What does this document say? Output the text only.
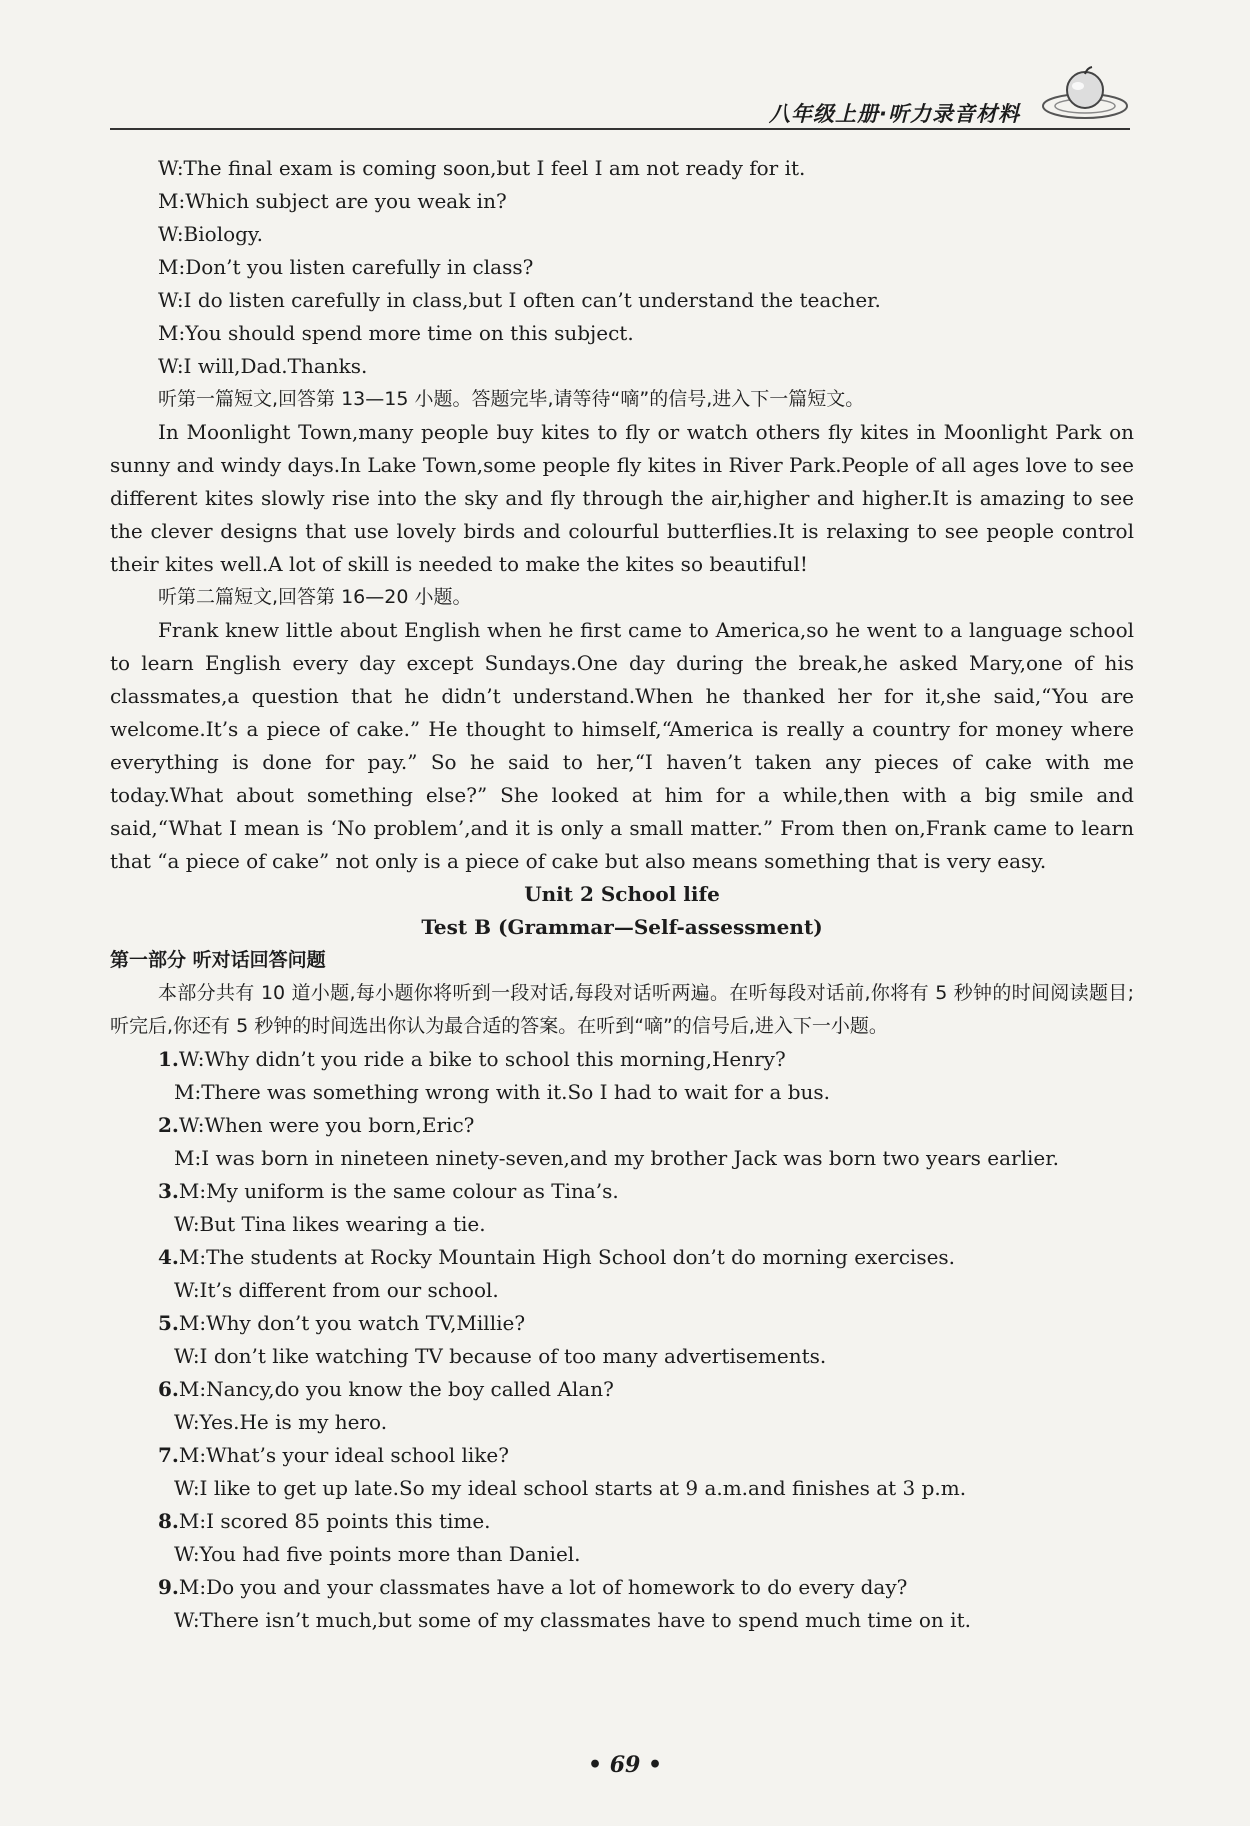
八年级上册·听力录音材料
W:The final exam is coming soon,but I feel I am not ready for it.
M:Which subject are you weak in?
W:Biology.
M:Don’t you listen carefully in class?
W:I do listen carefully in class,but I often can’t understand the teacher.
M:You should spend more time on this subject.
W:I will,Dad.Thanks.
听第一篇短文,回答第 13—15 小题。答题完毕,请等待“嘀”的信号,进入下一篇短文。
In Moonlight Town,many people buy kites to fly or watch others fly kites in Moonlight Park on sunny and windy days.In Lake Town,some people fly kites in River Park.People of all ages love to see different kites slowly rise into the sky and fly through the air,higher and higher.It is amazing to see the clever designs that use lovely birds and colourful butterflies.It is relaxing to see people control their kites well.A lot of skill is needed to make the kites so beautiful!
听第二篇短文,回答第 16—20 小题。
Frank knew little about English when he first came to America,so he went to a language school to learn English every day except Sundays.One day during the break,he asked Mary,one of his classmates,a question that he didn’t understand.When he thanked her for it,she said,“You are welcome.It’s a piece of cake.” He thought to himself,“America is really a country for money where everything is done for pay.” So he said to her,“I haven’t taken any pieces of cake with me today.What about something else?” She looked at him for a while,then with a big smile and said,“What I mean is ‘No problem’,and it is only a small matter.” From then on,Frank came to learn that “a piece of cake” not only is a piece of cake but also means something that is very easy.
Unit 2 School life
Test B (Grammar—Self-assessment)
第一部分 听对话回答问题
本部分共有 10 道小题,每小题你将听到一段对话,每段对话听两遍。在听每段对话前,你将有 5 秒钟的时间阅读题目;听完后,你还有 5 秒钟的时间选出你认为最合适的答案。在听到“嘀”的信号后,进入下一小题。
1.W:Why didn’t you ride a bike to school this morning,Henry?
M:There was something wrong with it.So I had to wait for a bus.
2.W:When were you born,Eric?
M:I was born in nineteen ninety-seven,and my brother Jack was born two years earlier.
3.M:My uniform is the same colour as Tina’s.
W:But Tina likes wearing a tie.
4.M:The students at Rocky Mountain High School don’t do morning exercises.
W:It’s different from our school.
5.M:Why don’t you watch TV,Millie?
W:I don’t like watching TV because of too many advertisements.
6.M:Nancy,do you know the boy called Alan?
W:Yes.He is my hero.
7.M:What’s your ideal school like?
W:I like to get up late.So my ideal school starts at 9 a.m.and finishes at 3 p.m.
8.M:I scored 85 points this time.
W:You had five points more than Daniel.
9.M:Do you and your classmates have a lot of homework to do every day?
W:There isn’t much,but some of my classmates have to spend much time on it.
• 69 •
